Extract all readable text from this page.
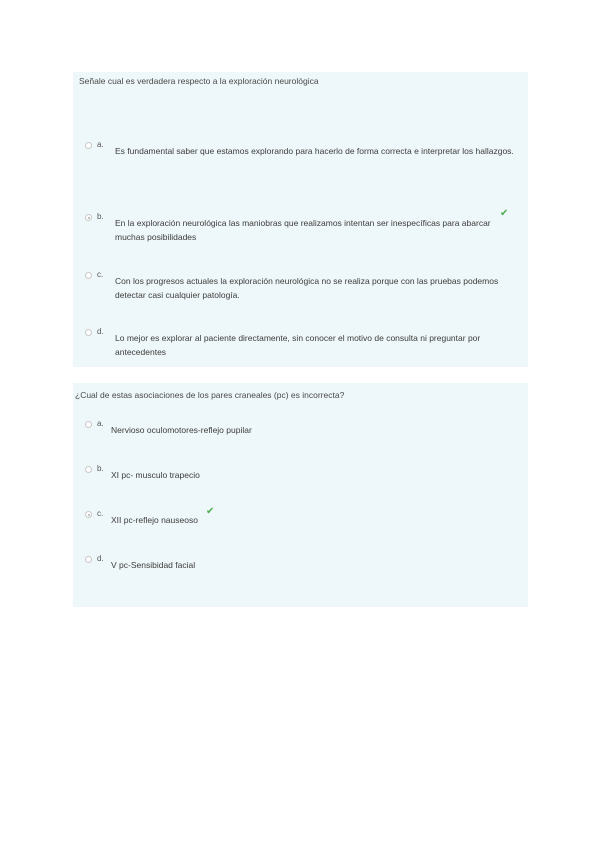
Señale cual es verdadera respecto a la exploración neurológica
a.
Es fundamental saber que estamos explorando para hacerlo de forma correcta e interpretar los hallazgos.
b.
En la exploración neurológica las maniobras que realizamos intentan ser inespecíficas para abarcar muchas posibilidades
✔
c.
Con los progresos actuales la exploración neurológica no se realiza porque con las pruebas podemos detectar casi cualquier patología.
d.
Lo mejor es explorar al paciente directamente, sin conocer el motivo de consulta ni preguntar por antecedentes
¿Cual de estas asociaciones de los pares craneales (pc) es incorrecta?
a.
Nervioso oculomotores-reflejo pupilar
b.
XI pc- musculo trapecio
c.
XII pc-reflejo nauseoso
✔
d.
V pc-Sensibidad facial
